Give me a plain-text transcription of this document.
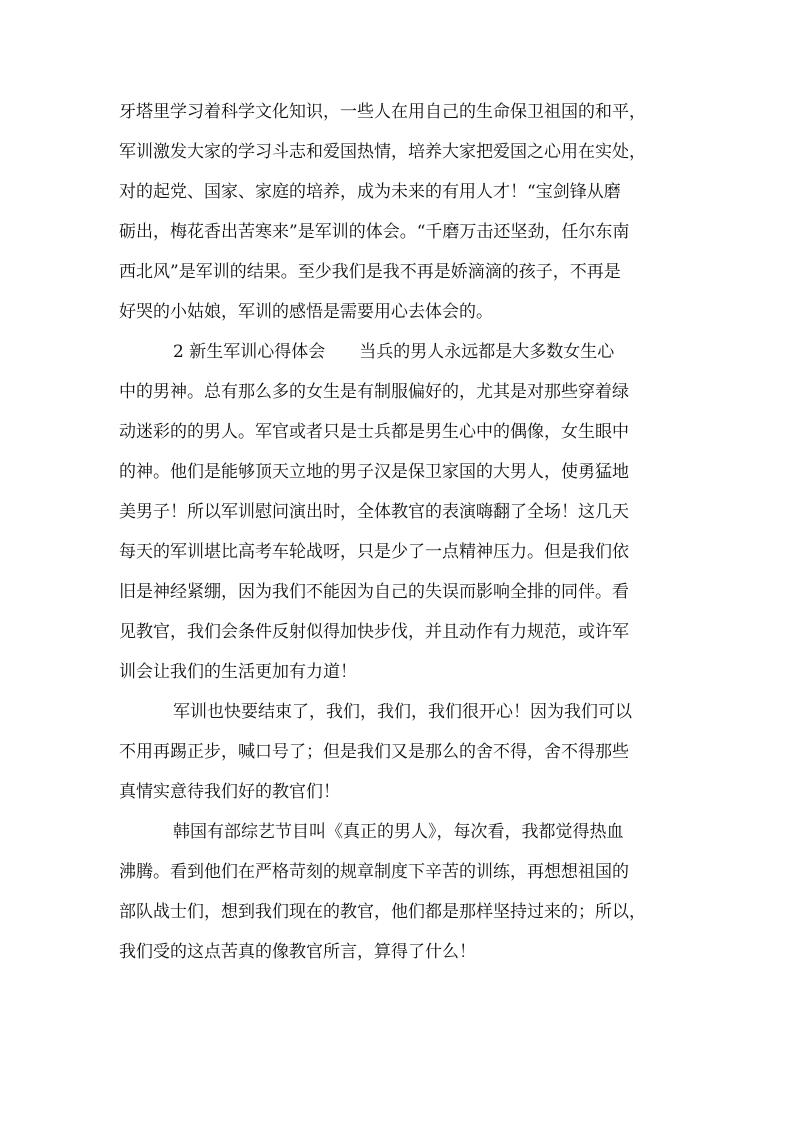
牙塔里学习着科学文化知识，一些人在用自己的生命保卫祖国的和平，

军训激发大家的学习斗志和爱国热情，培养大家把爱国之心用在实处，

对的起党、国家、家庭的培养，成为未来的有用人才！“宝剑锋从磨

砺出，梅花香出苦寒来”是军训的体会。“千磨万击还坚劲，任尔东南

西北风”是军训的结果。至少我们是我不再是娇滴滴的孩子，不再是

好哭的小姑娘，军训的感悟是需要用心去体会的。

2 新生军训心得体会　　当兵的男人永远都是大多数女生心

中的男神。总有那么多的女生是有制服偏好的，尤其是对那些穿着绿

动迷彩的的男人。军官或者只是士兵都是男生心中的偶像，女生眼中

的神。他们是能够顶天立地的男子汉是保卫家国的大男人，使勇猛地

美男子！所以军训慰问演出时，全体教官的表演嗨翻了全场！这几天

每天的军训堪比高考车轮战呀，只是少了一点精神压力。但是我们依

旧是神经紧绷，因为我们不能因为自己的失误而影响全排的同伴。看

见教官，我们会条件反射似得加快步伐，并且动作有力规范，或许军

训会让我们的生活更加有力道！

军训也快要结束了，我们，我们，我们很开心！因为我们可以

不用再踢正步，喊口号了；但是我们又是那么的舍不得，舍不得那些

真情实意待我们好的教官们！

韩国有部综艺节目叫《真正的男人》，每次看，我都觉得热血

沸腾。看到他们在严格苛刻的规章制度下辛苦的训练，再想想祖国的

部队战士们，想到我们现在的教官，他们都是那样坚持过来的；所以，

我们受的这点苦真的像教官所言，算得了什么！
